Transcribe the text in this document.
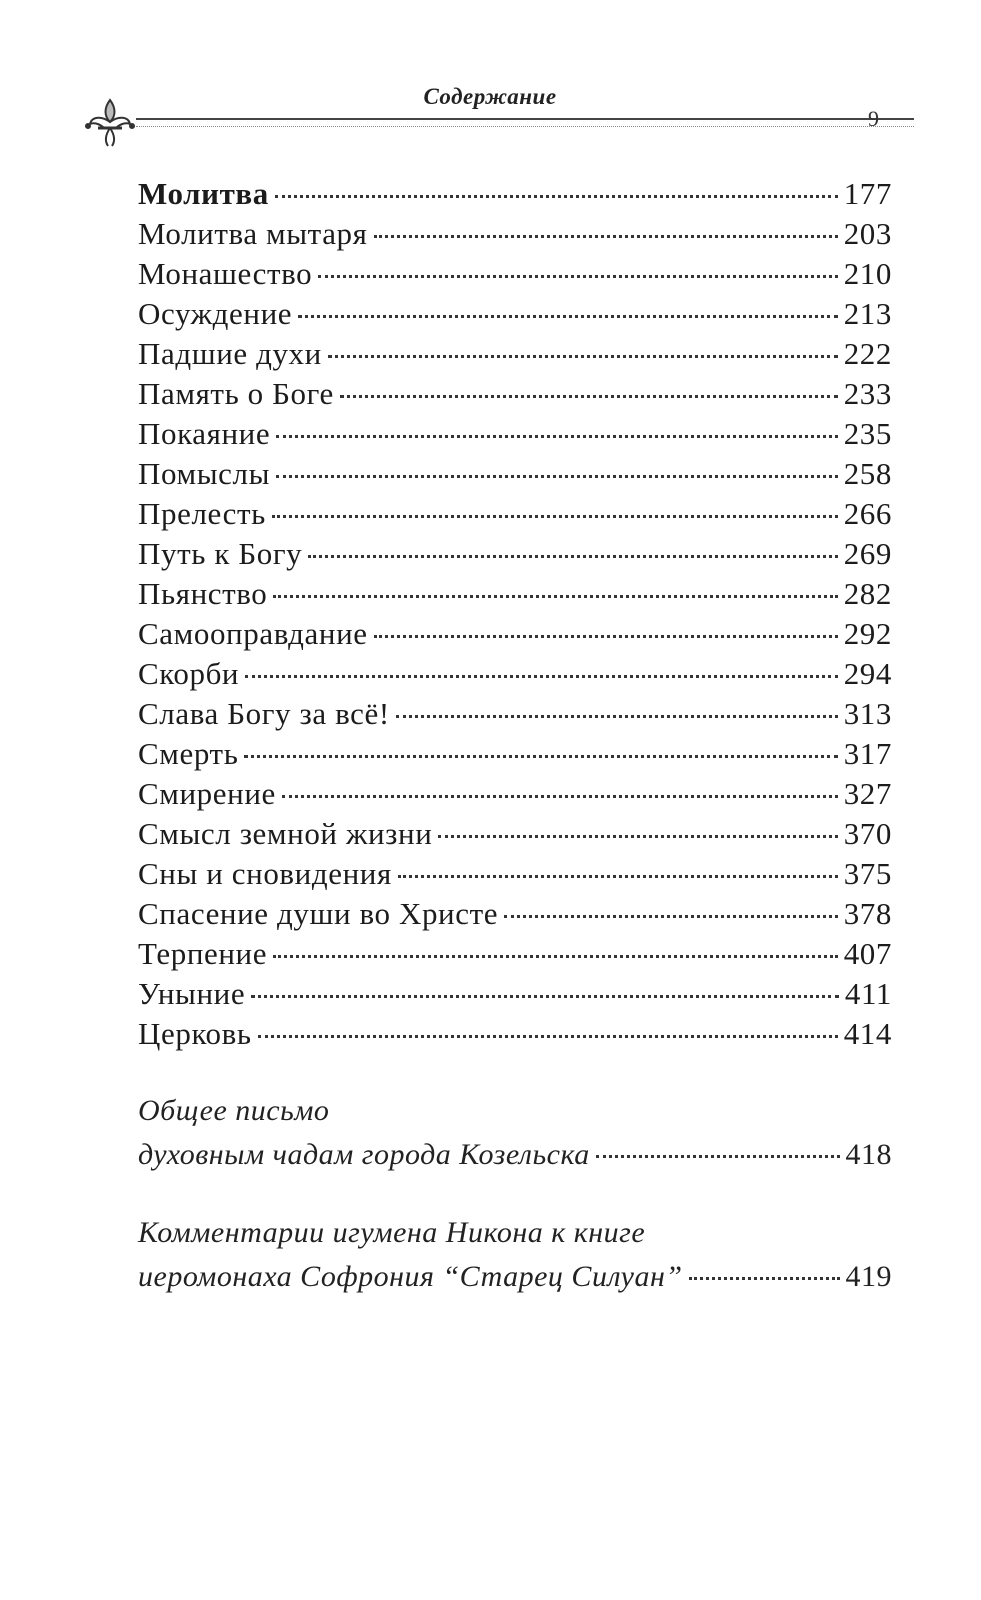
Содержание
9
Молитва	177
Молитва мытаря	203
Монашество	210
Осуждение	213
Падшие духи	222
Память о Боге	233
Покаяние	235
Помыслы	258
Прелесть	266
Путь к Богу	269
Пьянство	282
Самооправдание	292
Скорби	294
Слава Богу за всё!	313
Смерть	317
Смирение	327
Смысл земной жизни	370
Сны и сновидения	375
Спасение души во Христе	378
Терпение	407
Уныние	411
Церковь	414
Общее письмо
духовным чадам города Козельска	418
Комментарии игумена Никона к книге
иеромонаха Софрония “Старец Силуан”	419
